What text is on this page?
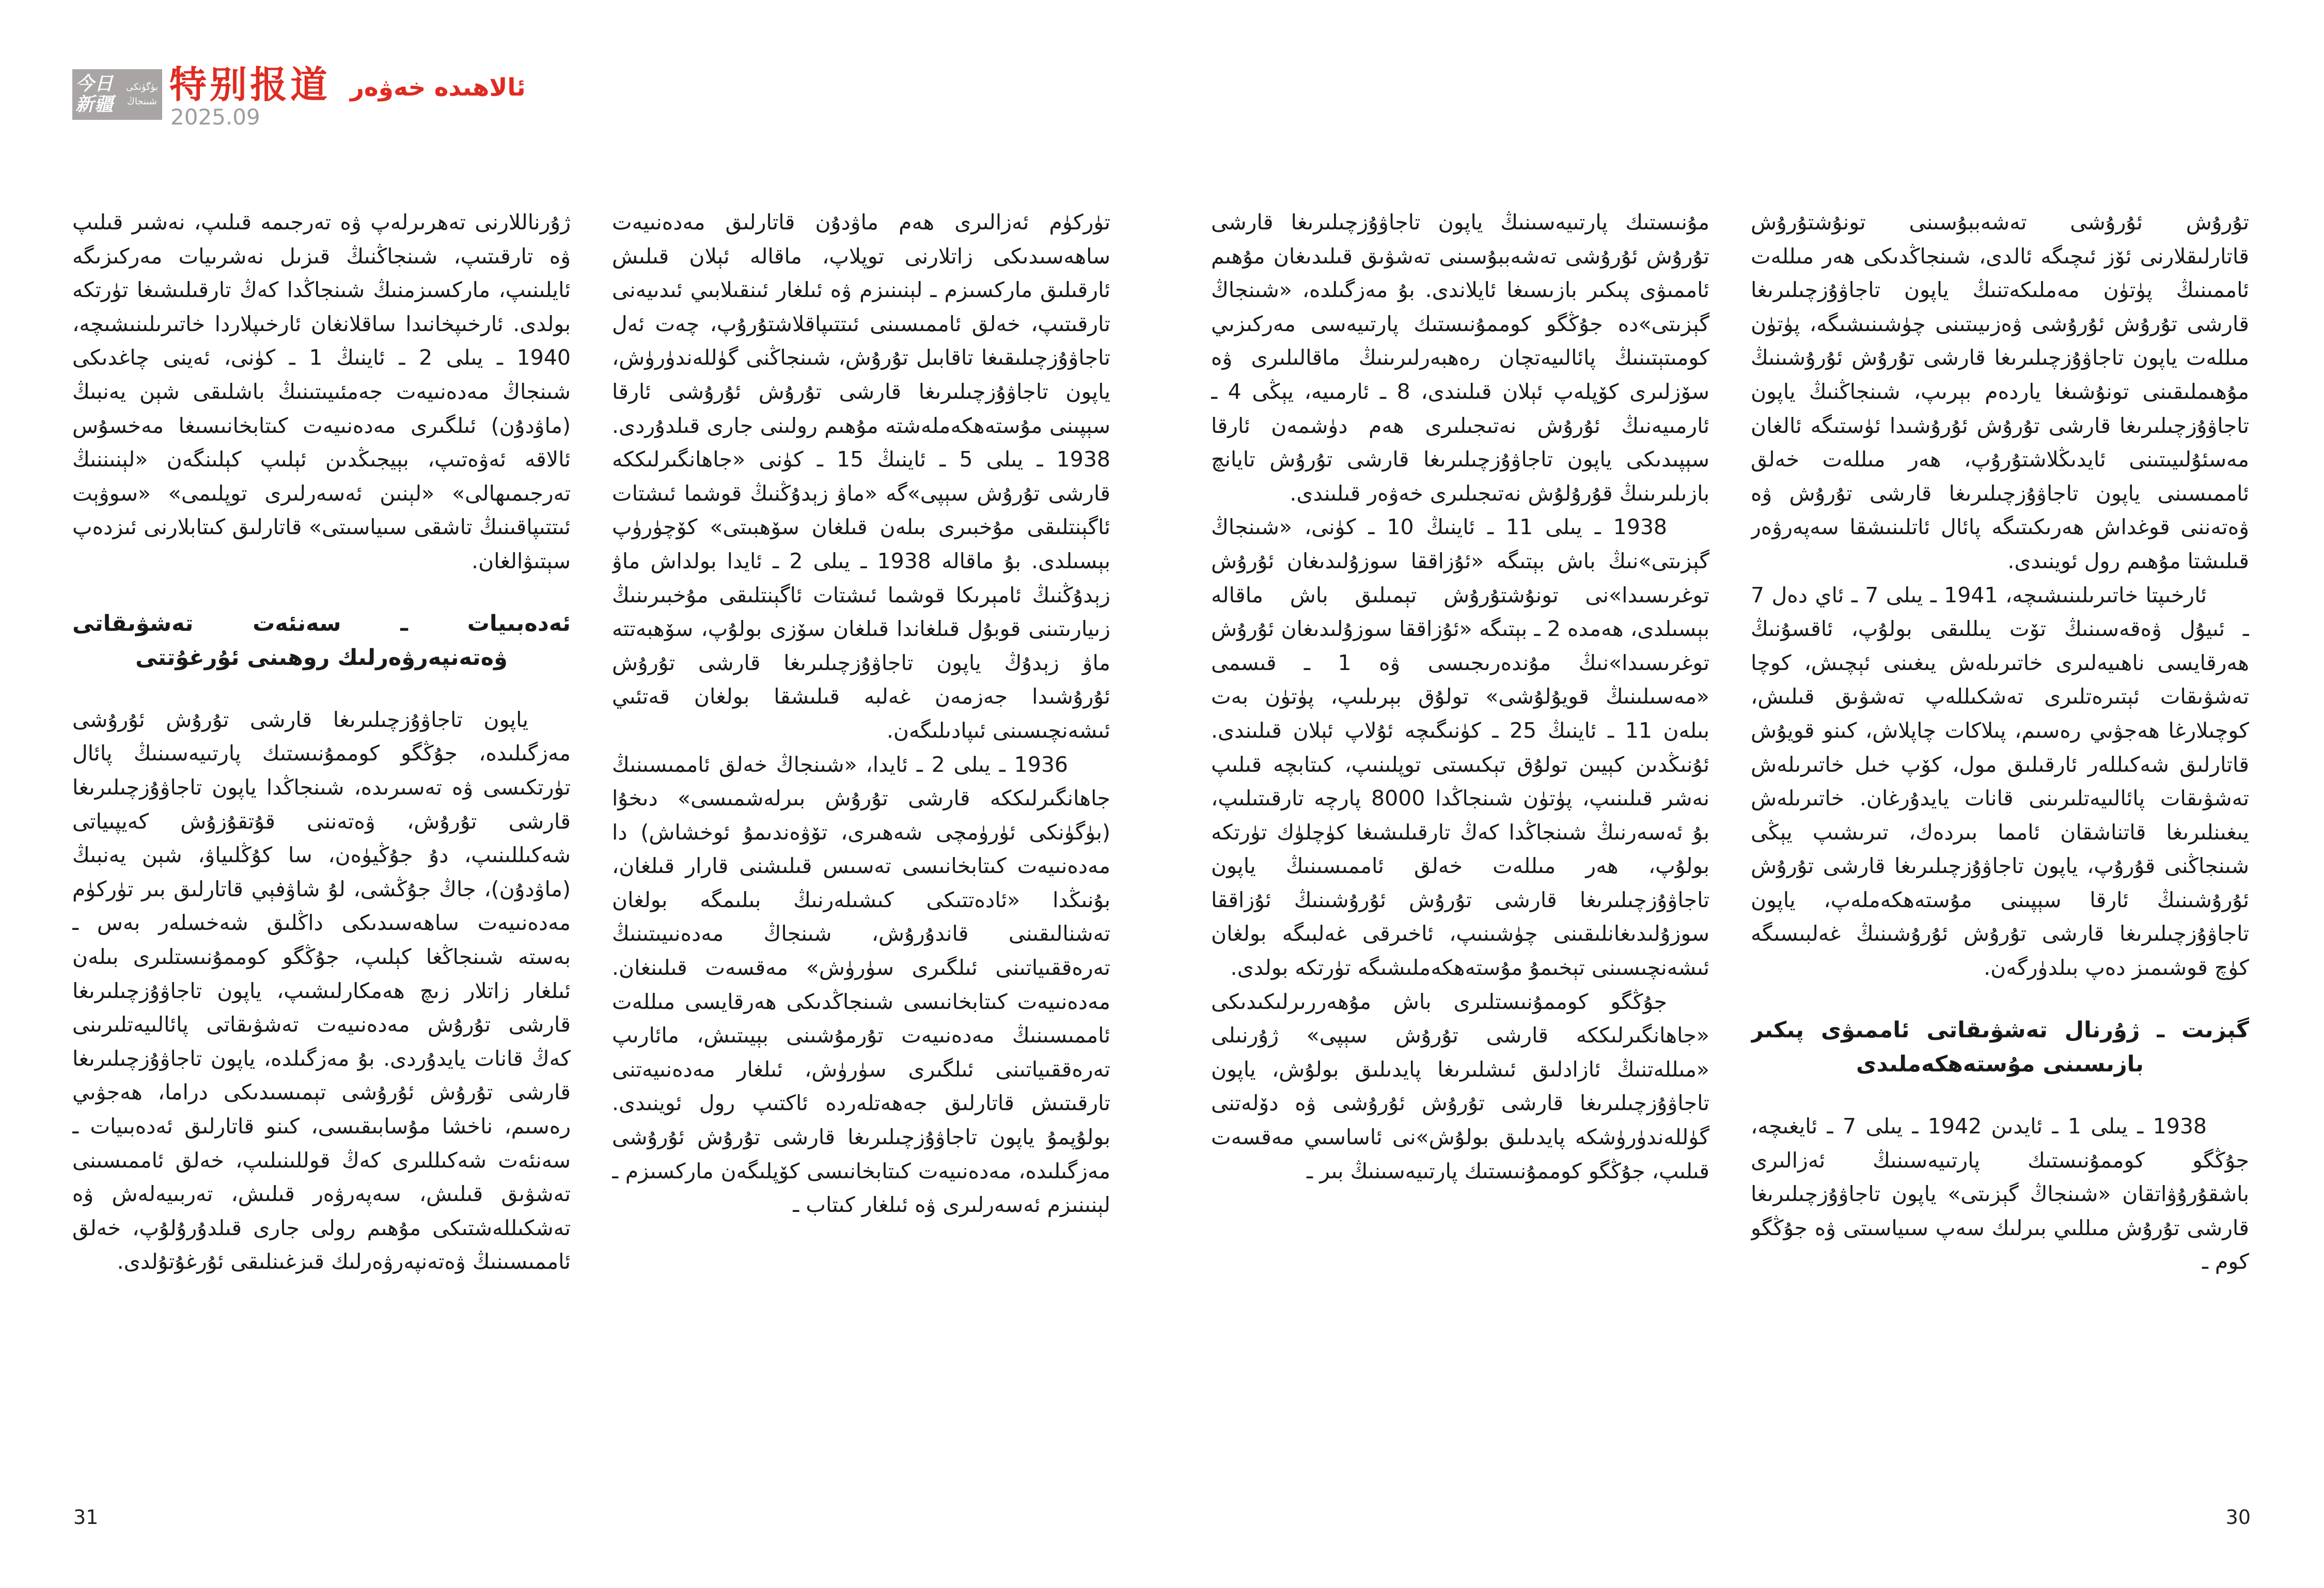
今日
新疆
بۈگۈنكى
شىنجاڭ 特别报道 ئالاھىدە خەۋەر
2025.09

ژۇرناللارنى تەھرىرلەپ ۋە تەرجىمە قىلىپ، نەشىر قىلىپ ۋە تارقىتىپ، شىنجاڭنىڭ قىزىل نەشرىيات مەركىزىگە ئايلىنىپ، ماركسىزمنىڭ شىنجاڭدا كەڭ تارقىلىشىغا تۈرتكە بولدى. ئارخىپخانىدا ساقلانغان ئارخىپلاردا خاتىرىلىنىشىچە، 1940 ـ يىلى 2 ـ ئاينىڭ 1 ـ كۈنى، ئەينى چاغدىكى شىنجاڭ مەدەنىيەت جەمئىيىتىنىڭ باشلىقى شېن يەنبىڭ (ماۋدۇن) ئىلگىرى مەدەنىيەت كىتابخانىسىغا مەخسۇس ئالاقە ئەۋەتىپ، بېيجىڭدىن ئېلىپ كېلىنگەن «لېنىننىڭ تەرجىمىھالى» «لېنىن ئەسەرلىرى توپلىمى» «سوۋېت ئىتتىپاقىنىڭ تاشقى سىياسىتى» قاتارلىق كىتابلارنى ئىزدەپ سېتىۋالغان.

ئەدەبىيات ـ سەنئەت تەشۋىقاتى ۋەتەنپەرۋەرلىك روھىنى ئۇرغۇتتى

ياپون تاجاۋۇزچىلىرىغا قارشى تۇرۇش ئۇرۇشى مەزگىلىدە، جۇڭگو كوممۇنىستىك پارتىيەسىنىڭ پائال تۈرتكىسى ۋە تەسىرىدە، شىنجاڭدا ياپون تاجاۋۇزچىلىرىغا قارشى تۇرۇش، ۋەتەننى قۇتقۇزۇش كەيپىياتى شەكىللىنىپ، دۇ جۇڭيۈەن، سا كۇڭلىياۋ، شېن يەنبىڭ (ماۋدۇن)، جاڭ جۇڭشى، لۇ شاۋفېي قاتارلىق بىر تۈركۈم مەدەنىيەت ساھەسىدىكى داڭلىق شەخسلەر بەس ـ بەستە شىنجاڭغا كېلىپ، جۇڭگو كوممۇنىستلىرى بىلەن ئىلغار زاتلار زىچ ھەمكارلىشىپ، ياپون تاجاۋۇزچىلىرىغا قارشى تۇرۇش مەدەنىيەت تەشۋىقاتى پائالىيەتلىرىنى كەڭ قانات يايدۇردى. بۇ مەزگىلدە، ياپون تاجاۋۇزچىلىرىغا قارشى تۇرۇش ئۇرۇشى تېمىسىدىكى دراما، ھەجۋىي رەسىم، ناخشا مۇسابىقىسى، كىنو قاتارلىق ئەدەبىيات ـ سەنئەت شەكىللىرى كەڭ قوللىنىلىپ، خەلق ئاممىسىنى تەشۋىق قىلىش، سەپەرۋەر قىلىش، تەربىيەلەش ۋە تەشكىللەشتىكى مۇھىم رولى جارى قىلدۇرۇلۇپ، خەلق ئاممىسىنىڭ ۋەتەنپەرۋەرلىك قىزغىنلىقى ئۇرغۇتۇلدى.

تۈركۈم ئەزالىرى ھەم ماۋدۇن قاتارلىق مەدەنىيەت ساھەسىدىكى زاتلارنى توپلاپ، ماقالە ئېلان قىلىش ئارقىلىق ماركسىزم ـ لېنىنىزم ۋە ئىلغار ئىنقىلابىي ئىدىيەنى تارقىتىپ، خەلق ئاممىسىنى ئىتتىپاقلاشتۇرۇپ، چەت ئەل تاجاۋۇزچىلىقىغا تاقابىل تۇرۇش، شىنجاڭنى گۈللەندۈرۈش، ياپون تاجاۋۇزچىلىرىغا قارشى تۇرۇش ئۇرۇشى ئارقا سېپىنى مۇستەھكەملەشتە مۇھىم رولىنى جارى قىلدۇردى. 1938 ـ يىلى 5 ـ ئاينىڭ 15 ـ كۈنى «جاھانگىرلىككە قارشى تۇرۇش سېپى»گە «ماۋ زېدۇڭنىڭ قوشما ئىشتات ئاگېنتلىقى مۇخبىرى بىلەن قىلغان سۆھبىتى» كۆچۈرۈپ بېسىلدى. بۇ ماقالە 1938 ـ يىلى 2 ـ ئايدا بولداش ماۋ زېدۇڭنىڭ ئامېرىكا قوشما ئىشتات ئاگېنتلىقى مۇخبىرىنىڭ زىيارىتىنى قوبۇل قىلغاندا قىلغان سۆزى بولۇپ، سۆھبەتتە ماۋ زېدۇڭ ياپون تاجاۋۇزچىلىرىغا قارشى تۇرۇش ئۇرۇشىدا جەزمەن غەلبە قىلىشقا بولغان قەتئىي ئىشەنچىسىنى ئىپادىلىگەن.

1936 ـ يىلى 2 ـ ئايدا، «شىنجاڭ خەلق ئاممىسىنىڭ جاھانگىرلىككە قارشى تۇرۇش بىرلەشمىسى» دىخۇا (بۈگۈنكى ئۈرۈمچى شەھىرى، تۆۋەندىمۇ ئوخشاش) دا مەدەنىيەت كىتابخانىسى تەسىس قىلىشنى قارار قىلغان، بۇنىڭدا «ئادەتتىكى كىشىلەرنىڭ بىلىمگە بولغان تەشنالىقىنى قاندۇرۇش، شىنجاڭ مەدەنىيىتىنىڭ تەرەققىياتىنى ئىلگىرى سۈرۈش» مەقسەت قىلىنغان. مەدەنىيەت كىتابخانىسى شىنجاڭدىكى ھەرقايسى مىللەت ئاممىسىنىڭ مەدەنىيەت تۇرمۇشىنى بېيىتىش، مائارىپ تەرەققىياتىنى ئىلگىرى سۈرۈش، ئىلغار مەدەنىيەتنى تارقىتىش قاتارلىق جەھەتلەردە ئاكتىپ رول ئوينىدى. بولۇپمۇ ياپون تاجاۋۇزچىلىرىغا قارشى تۇرۇش ئۇرۇشى مەزگىلىدە، مەدەنىيەت كىتابخانىسى كۆپلىگەن ماركسىزم ـ لېنىنىزم ئەسەرلىرى ۋە ئىلغار كىتاب ـ

مۇنىستىك پارتىيەسىنىڭ ياپون تاجاۋۇزچىلىرىغا قارشى تۇرۇش ئۇرۇشى تەشەببۇسىنى تەشۋىق قىلىدىغان مۇھىم ئاممىۋى پىكىر بازىسىغا ئايلاندى. بۇ مەزگىلدە، «شىنجاڭ گېزىتى»دە جۇڭگو كوممۇنىستىك پارتىيەسى مەركىزىي كومىتېتىنىڭ پائالىيەتچان رەھبەرلىرىنىڭ ماقالىلىرى ۋە سۆزلىرى كۆپلەپ ئېلان قىلىندى، 8 ـ ئارمىيە، يېڭى 4 ـ ئارمىيەنىڭ ئۇرۇش نەتىجىلىرى ھەم دۈشمەن ئارقا سېپىدىكى ياپون تاجاۋۇزچىلىرىغا قارشى تۇرۇش تايانچ بازىلىرىنىڭ قۇرۇلۇش نەتىجىلىرى خەۋەر قىلىندى.

1938 ـ يىلى 11 ـ ئاينىڭ 10 ـ كۈنى، «شىنجاڭ گېزىتى»نىڭ باش بېتىگە «ئۇزاققا سوزۇلىدىغان ئۇرۇش توغرىسىدا»نى تونۇشتۇرۇش تېمىلىق باش ماقالە بېسىلدى، ھەمدە 2 ـ بېتىگە «ئۇزاققا سوزۇلىدىغان ئۇرۇش توغرىسىدا»نىڭ مۇندەرىجىسى ۋە 1 ـ قىسمى «مەسىلىنىڭ قويۇلۇشى» تولۇق بېرىلىپ، پۈتۈن بەت بىلەن 11 ـ ئاينىڭ 25 ـ كۈنىگىچە ئۇلاپ ئېلان قىلىندى. ئۇنىڭدىن كېيىن تولۇق تېكىستى توپلىنىپ، كىتابچە قىلىپ نەشر قىلىنىپ، پۈتۈن شىنجاڭدا 8000 پارچە تارقىتىلىپ، بۇ ئەسەرنىڭ شىنجاڭدا كەڭ تارقىلىشىغا كۈچلۈك تۈرتكە بولۇپ، ھەر مىللەت خەلق ئاممىسىنىڭ ياپون تاجاۋۇزچىلىرىغا قارشى تۇرۇش ئۇرۇشىنىڭ ئۇزاققا سوزۇلىدىغانلىقىنى چۈشىنىپ، ئاخىرقى غەلبىگە بولغان ئىشەنچىسىنى تېخىمۇ مۇستەھكەملىشىگە تۈرتكە بولدى.

جۇڭگو كوممۇنىستلىرى باش مۇھەررىرلىكىدىكى «جاھانگىرلىككە قارشى تۇرۇش سېپى» ژۇرنىلى «مىللەتنىڭ ئازادلىق ئىشلىرىغا پايدىلىق بولۇش، ياپون تاجاۋۇزچىلىرىغا قارشى تۇرۇش ئۇرۇشى ۋە دۆلەتنى گۈللەندۈرۈشكە پايدىلىق بولۇش»نى ئاساسىي مەقسەت قىلىپ، جۇڭگو كوممۇنىستىك پارتىيەسىنىڭ بىر ـ

تۇرۇش ئۇرۇشى تەشەببۇسىنى تونۇشتۇرۇش قاتارلىقلارنى ئۆز ئىچىگە ئالدى، شىنجاڭدىكى ھەر مىللەت ئاممىنىڭ پۈتۈن مەملىكەتنىڭ ياپون تاجاۋۇزچىلىرىغا قارشى تۇرۇش ئۇرۇشى ۋەزىيىتىنى چۈشىنىشىگە، پۈتۈن مىللەت ياپون تاجاۋۇزچىلىرىغا قارشى تۇرۇش ئۇرۇشىنىڭ مۇھىملىقىنى تونۇشىغا ياردەم بېرىپ، شىنجاڭنىڭ ياپون تاجاۋۇزچىلىرىغا قارشى تۇرۇش ئۇرۇشىدا ئۈستىگە ئالغان مەسئۇلىيىتىنى ئايدىڭلاشتۇرۇپ، ھەر مىللەت خەلق ئاممىسىنى ياپون تاجاۋۇزچىلىرىغا قارشى تۇرۇش ۋە ۋەتەننى قوغداش ھەرىكىتىگە پائال ئاتلىنىشقا سەپەرۋەر قىلىشتا مۇھىم رول ئوينىدى.

ئارخىپتا خاتىرىلىنىشىچە، 1941 ـ يىلى 7 ـ ئاي دەل 7 ـ ئىيۇل ۋەقەسىنىڭ تۆت يىللىقى بولۇپ، ئاقسۇنىڭ ھەرقايسى ناھىيەلىرى خاتىرىلەش يىغىنى ئېچىش، كوچا تەشۋىقات ئېتىرەتلىرى تەشكىللەپ تەشۋىق قىلىش، كوچىلارغا ھەجۋىي رەسىم، پىلاكات چاپلاش، كىنو قويۇش قاتارلىق شەكىللەر ئارقىلىق مول، كۆپ خىل خاتىرىلەش تەشۋىقات پائالىيەتلىرىنى قانات يايدۇرغان. خاتىرىلەش يىغىنلىرىغا قاتناشقان ئامما بىردەك، تىرىشىپ يېڭى شىنجاڭنى قۇرۇپ، ياپون تاجاۋۇزچىلىرىغا قارشى تۇرۇش ئۇرۇشىنىڭ ئارقا سېپىنى مۇستەھكەملەپ، ياپون تاجاۋۇزچىلىرىغا قارشى تۇرۇش ئۇرۇشىنىڭ غەلبىسىگە كۈچ قوشىمىز دەپ بىلدۈرگەن.

گېزىت ـ ژۇرنال تەشۋىقاتى ئاممىۋى پىكىر بازىسىنى مۇستەھكەملىدى

1938 ـ يىلى 1 ـ ئايدىن 1942 ـ يىلى 7 ـ ئايغىچە، جۇڭگو كوممۇنىستىك پارتىيەسىنىڭ ئەزالىرى باشقۇرۇۋاتقان «شىنجاڭ گېزىتى» ياپون تاجاۋۇزچىلىرىغا قارشى تۇرۇش مىللىي بىرلىك سەپ سىياسىتى ۋە جۇڭگو كوم ـ

31	30
